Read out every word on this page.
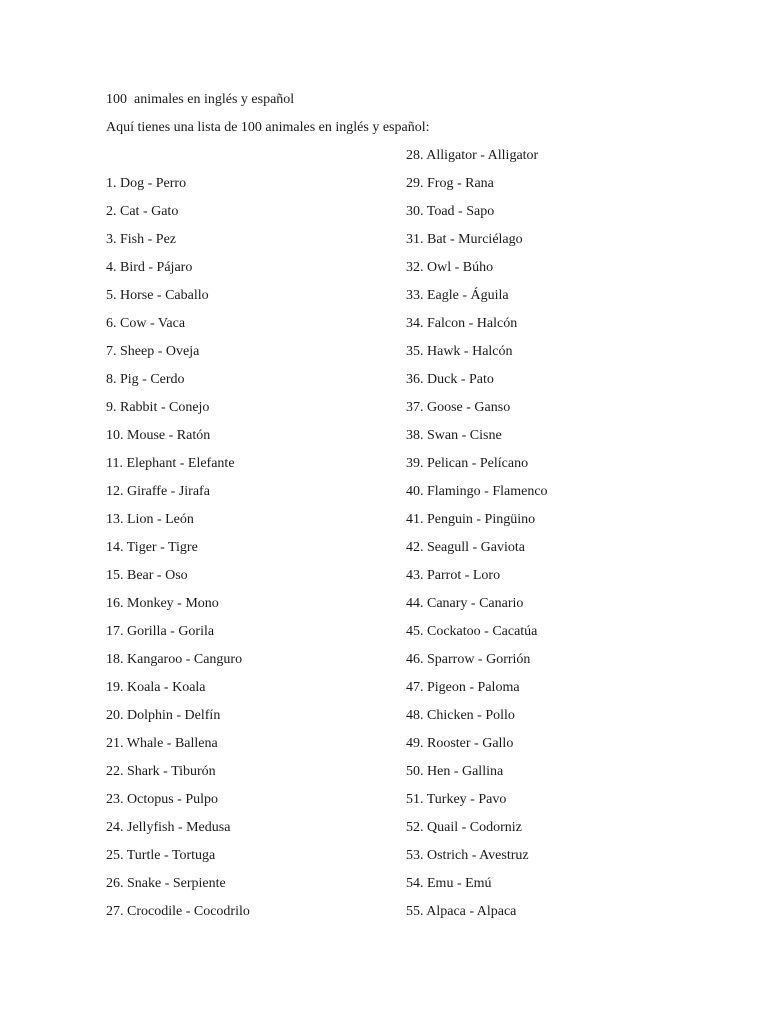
100  animales en inglés y español
Aquí tienes una lista de 100 animales en inglés y español:
1. Dog - Perro
2. Cat - Gato
3. Fish - Pez
4. Bird - Pájaro
5. Horse - Caballo
6. Cow - Vaca
7. Sheep - Oveja
8. Pig - Cerdo
9. Rabbit - Conejo
10. Mouse - Ratón
11. Elephant - Elefante
12. Giraffe - Jirafa
13. Lion - León
14. Tiger - Tigre
15. Bear - Oso
16. Monkey - Mono
17. Gorilla - Gorila
18. Kangaroo - Canguro
19. Koala - Koala
20. Dolphin - Delfín
21. Whale - Ballena
22. Shark - Tiburón
23. Octopus - Pulpo
24. Jellyfish - Medusa
25. Turtle - Tortuga
26. Snake - Serpiente
27. Crocodile - Cocodrilo
28. Alligator - Alligator
29. Frog - Rana
30. Toad - Sapo
31. Bat - Murciélago
32. Owl - Búho
33. Eagle - Águila
34. Falcon - Halcón
35. Hawk - Halcón
36. Duck - Pato
37. Goose - Ganso
38. Swan - Cisne
39. Pelican - Pelícano
40. Flamingo - Flamenco
41. Penguin - Pingüino
42. Seagull - Gaviota
43. Parrot - Loro
44. Canary - Canario
45. Cockatoo - Cacatúa
46. Sparrow - Gorrión
47. Pigeon - Paloma
48. Chicken - Pollo
49. Rooster - Gallo
50. Hen - Gallina
51. Turkey - Pavo
52. Quail - Codorniz
53. Ostrich - Avestruz
54. Emu - Emú
55. Alpaca - Alpaca
